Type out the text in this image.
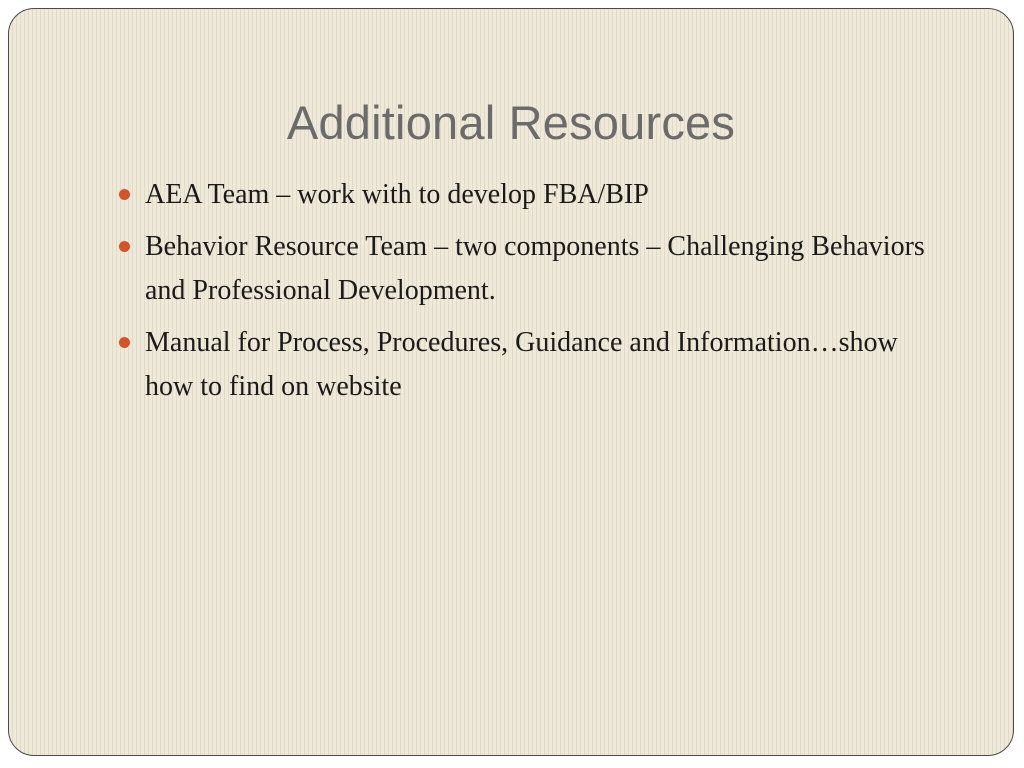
Additional Resources
AEA Team – work with to develop FBA/BIP
Behavior Resource Team – two components – Challenging Behaviors and Professional Development.
Manual for Process, Procedures, Guidance and Information…show how to find on website
